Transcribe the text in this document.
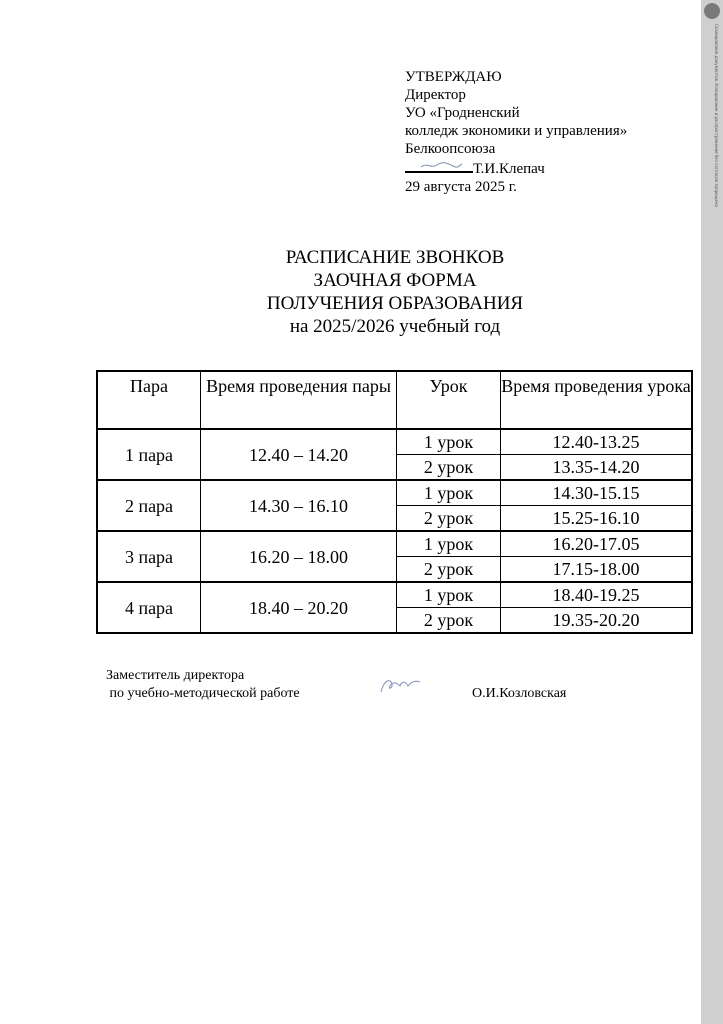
УТВЕРЖДАЮ
Директор
УО «Гродненский
колледж экономики и управления»
Белкоопсоюза
Т.И.Клепач
29 августа 2025 г.
РАСПИСАНИЕ ЗВОНКОВ
ЗАОЧНАЯ ФОРМА
ПОЛУЧЕНИЯ ОБРАЗОВАНИЯ
на 2025/2026 учебный год
Пара	Время проведения пары	Урок	Время проведения урока
1 пара	12.40 – 14.20	1 урок	12.40-13.25
		2 урок	13.35-14.20
2 пара	14.30 – 16.10	1 урок	14.30-15.15
		2 урок	15.25-16.10
3 пара	16.20 – 18.00	1 урок	16.20-17.05
		2 урок	17.15-18.00
4 пара	18.40 – 20.20	1 урок	18.40-19.25
		2 урок	19.35-20.20
Заместитель директора
по учебно-методической работе	О.И.Козловская
Сканирование документов. Копирование и распространение без согласия запрещено
